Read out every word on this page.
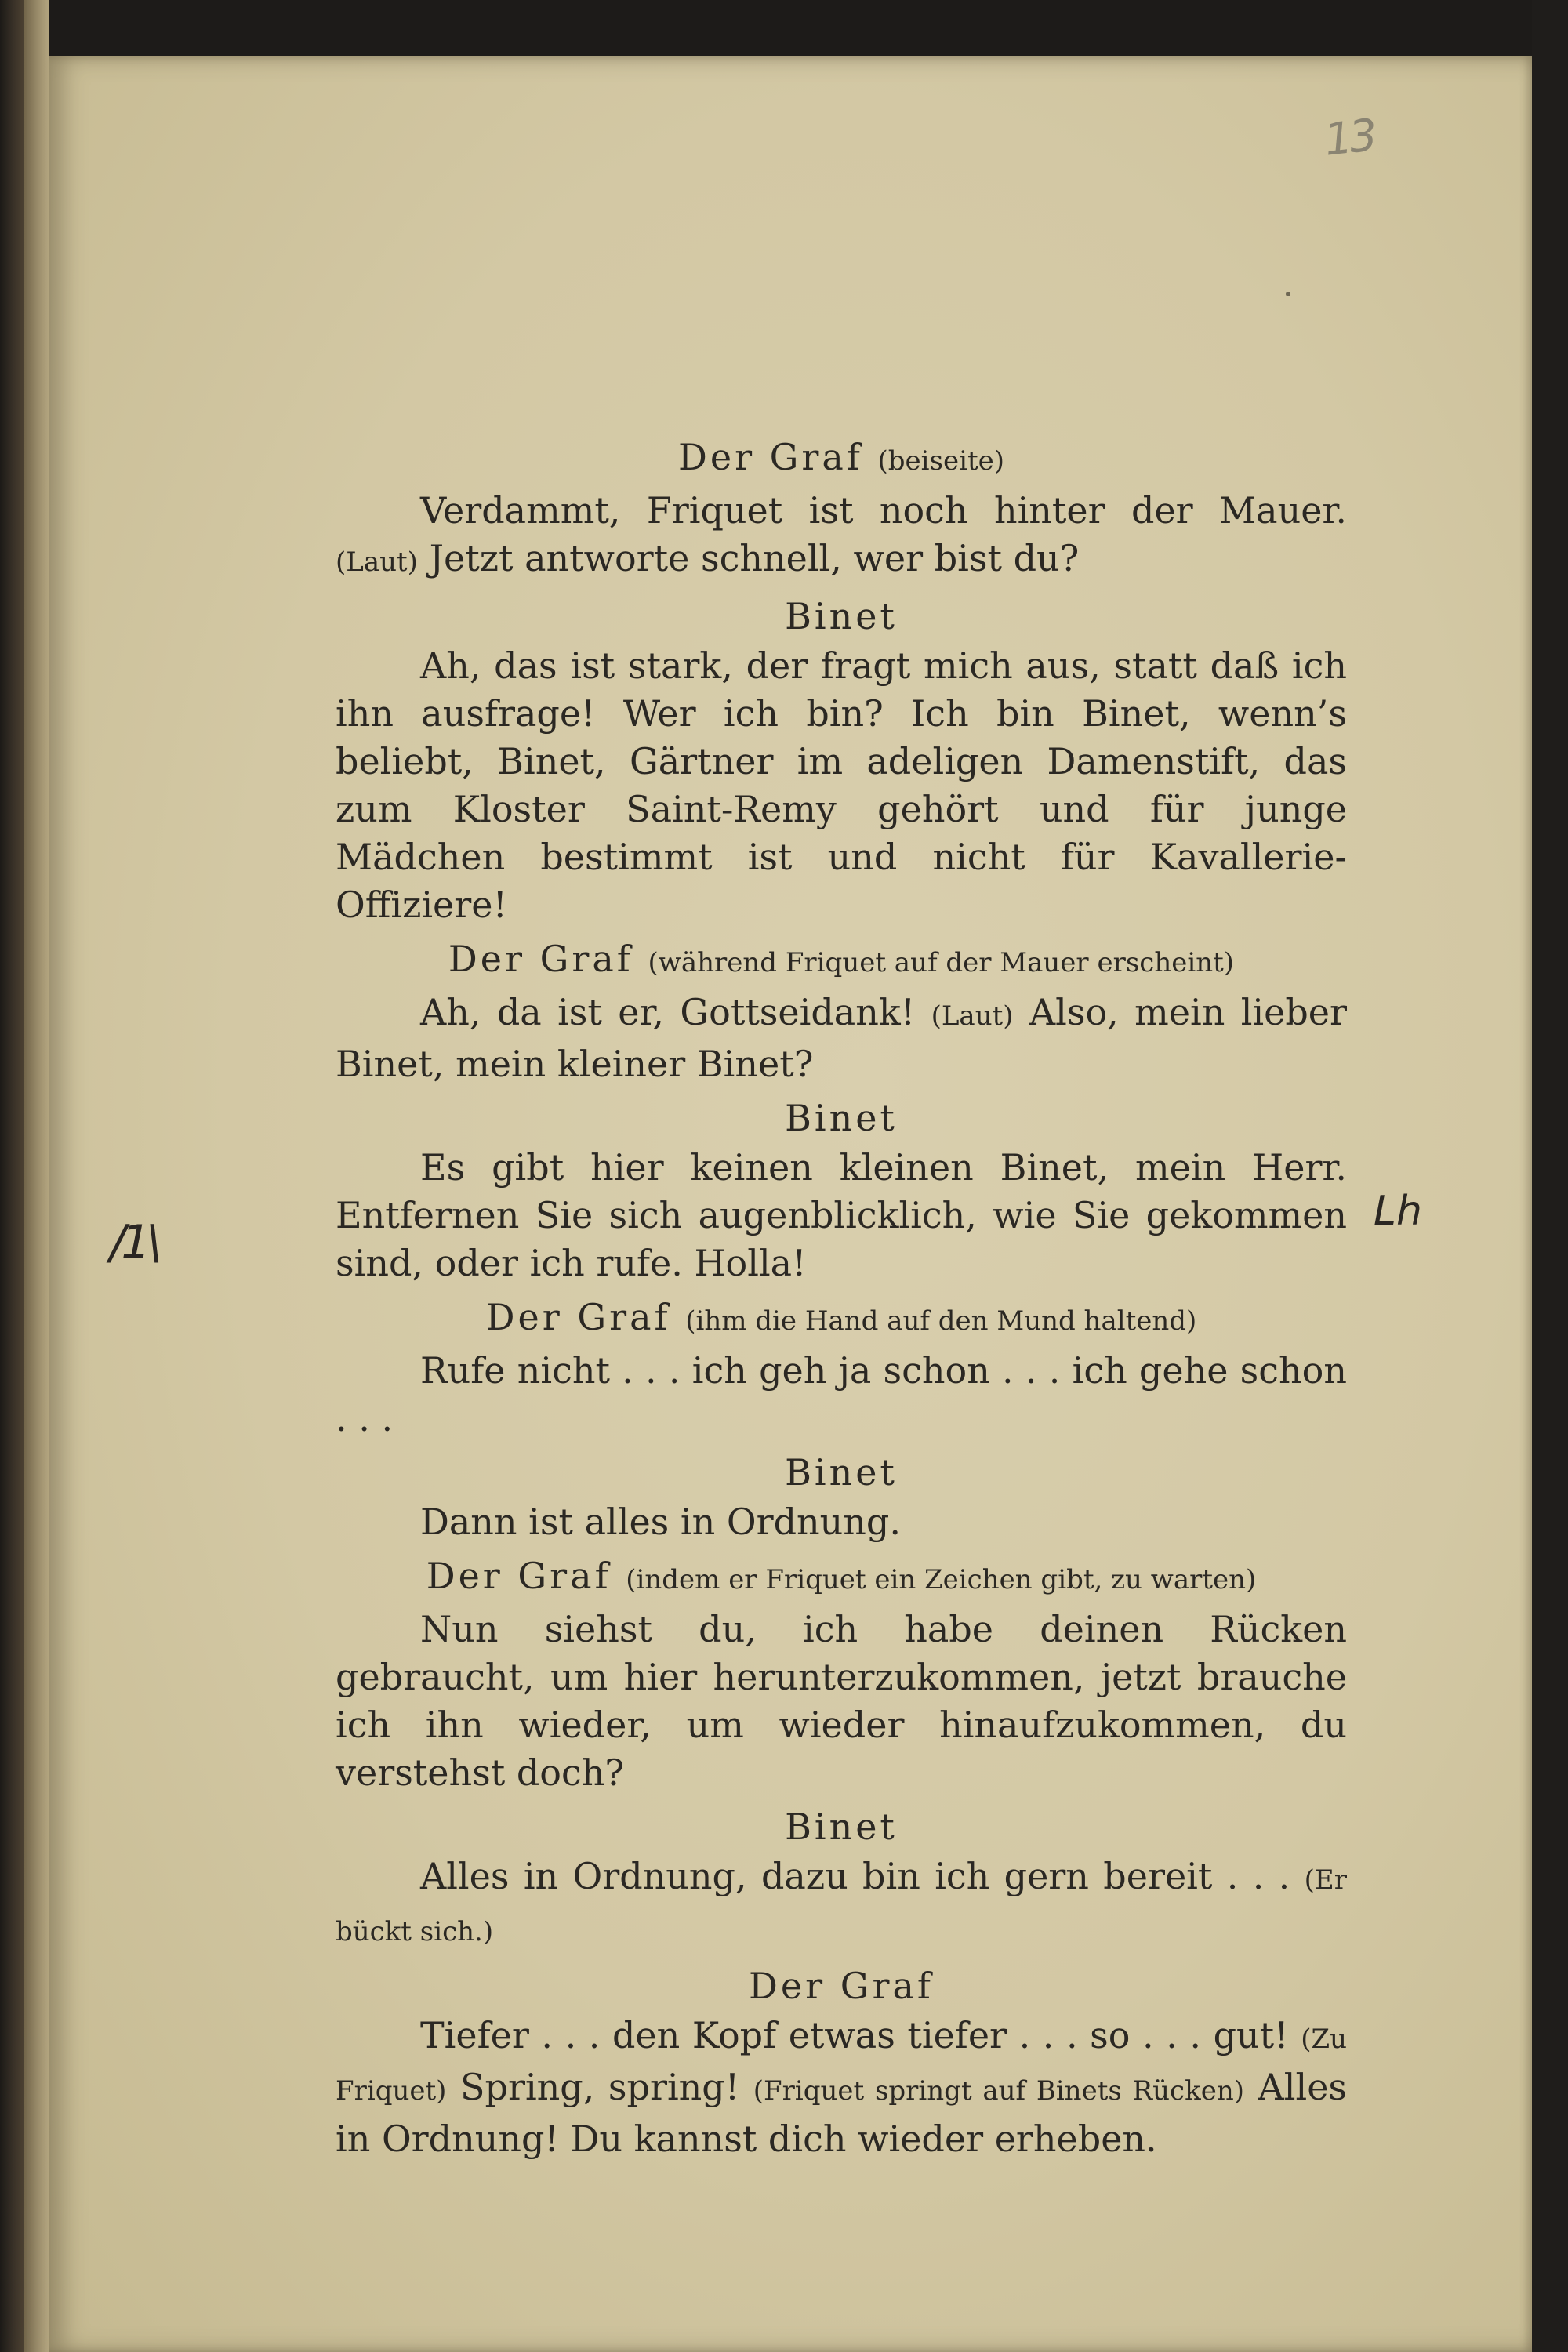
13
/1\
Lh
Der Graf (beiseite)

Verdammt, Friquet ist noch hinter der Mauer. (Laut) Jetzt antworte schnell, wer bist du?

Binet

Ah, das ist stark, der fragt mich aus, statt daß ich ihn ausfrage! Wer ich bin? Ich bin Binet, wenn’s beliebt, Binet, Gärtner im adeligen Damenstift, das zum Kloster Saint-Remy gehört und für junge Mädchen bestimmt ist und nicht für Kavallerie-Offiziere!

Der Graf (während Friquet auf der Mauer erscheint)

Ah, da ist er, Gottseidank! (Laut) Also, mein lieber Binet, mein kleiner Binet?

Binet

Es gibt hier keinen kleinen Binet, mein Herr. Entfernen Sie sich augenblicklich, wie Sie gekommen sind, oder ich rufe. Holla!

Der Graf (ihm die Hand auf den Mund haltend)

Rufe nicht . . . ich geh ja schon . . . ich gehe schon . . .

Binet

Dann ist alles in Ordnung.

Der Graf (indem er Friquet ein Zeichen gibt, zu warten)

Nun siehst du, ich habe deinen Rücken gebraucht, um hier herunterzukommen, jetzt brauche ich ihn wieder, um wieder hinaufzukommen, du verstehst doch?

Binet

Alles in Ordnung, dazu bin ich gern bereit . . . (Er bückt sich.)

Der Graf

Tiefer . . . den Kopf etwas tiefer . . . so . . . gut! (Zu Friquet) Spring, spring! (Friquet springt auf Binets Rücken) Alles in Ordnung! Du kannst dich wieder erheben.
